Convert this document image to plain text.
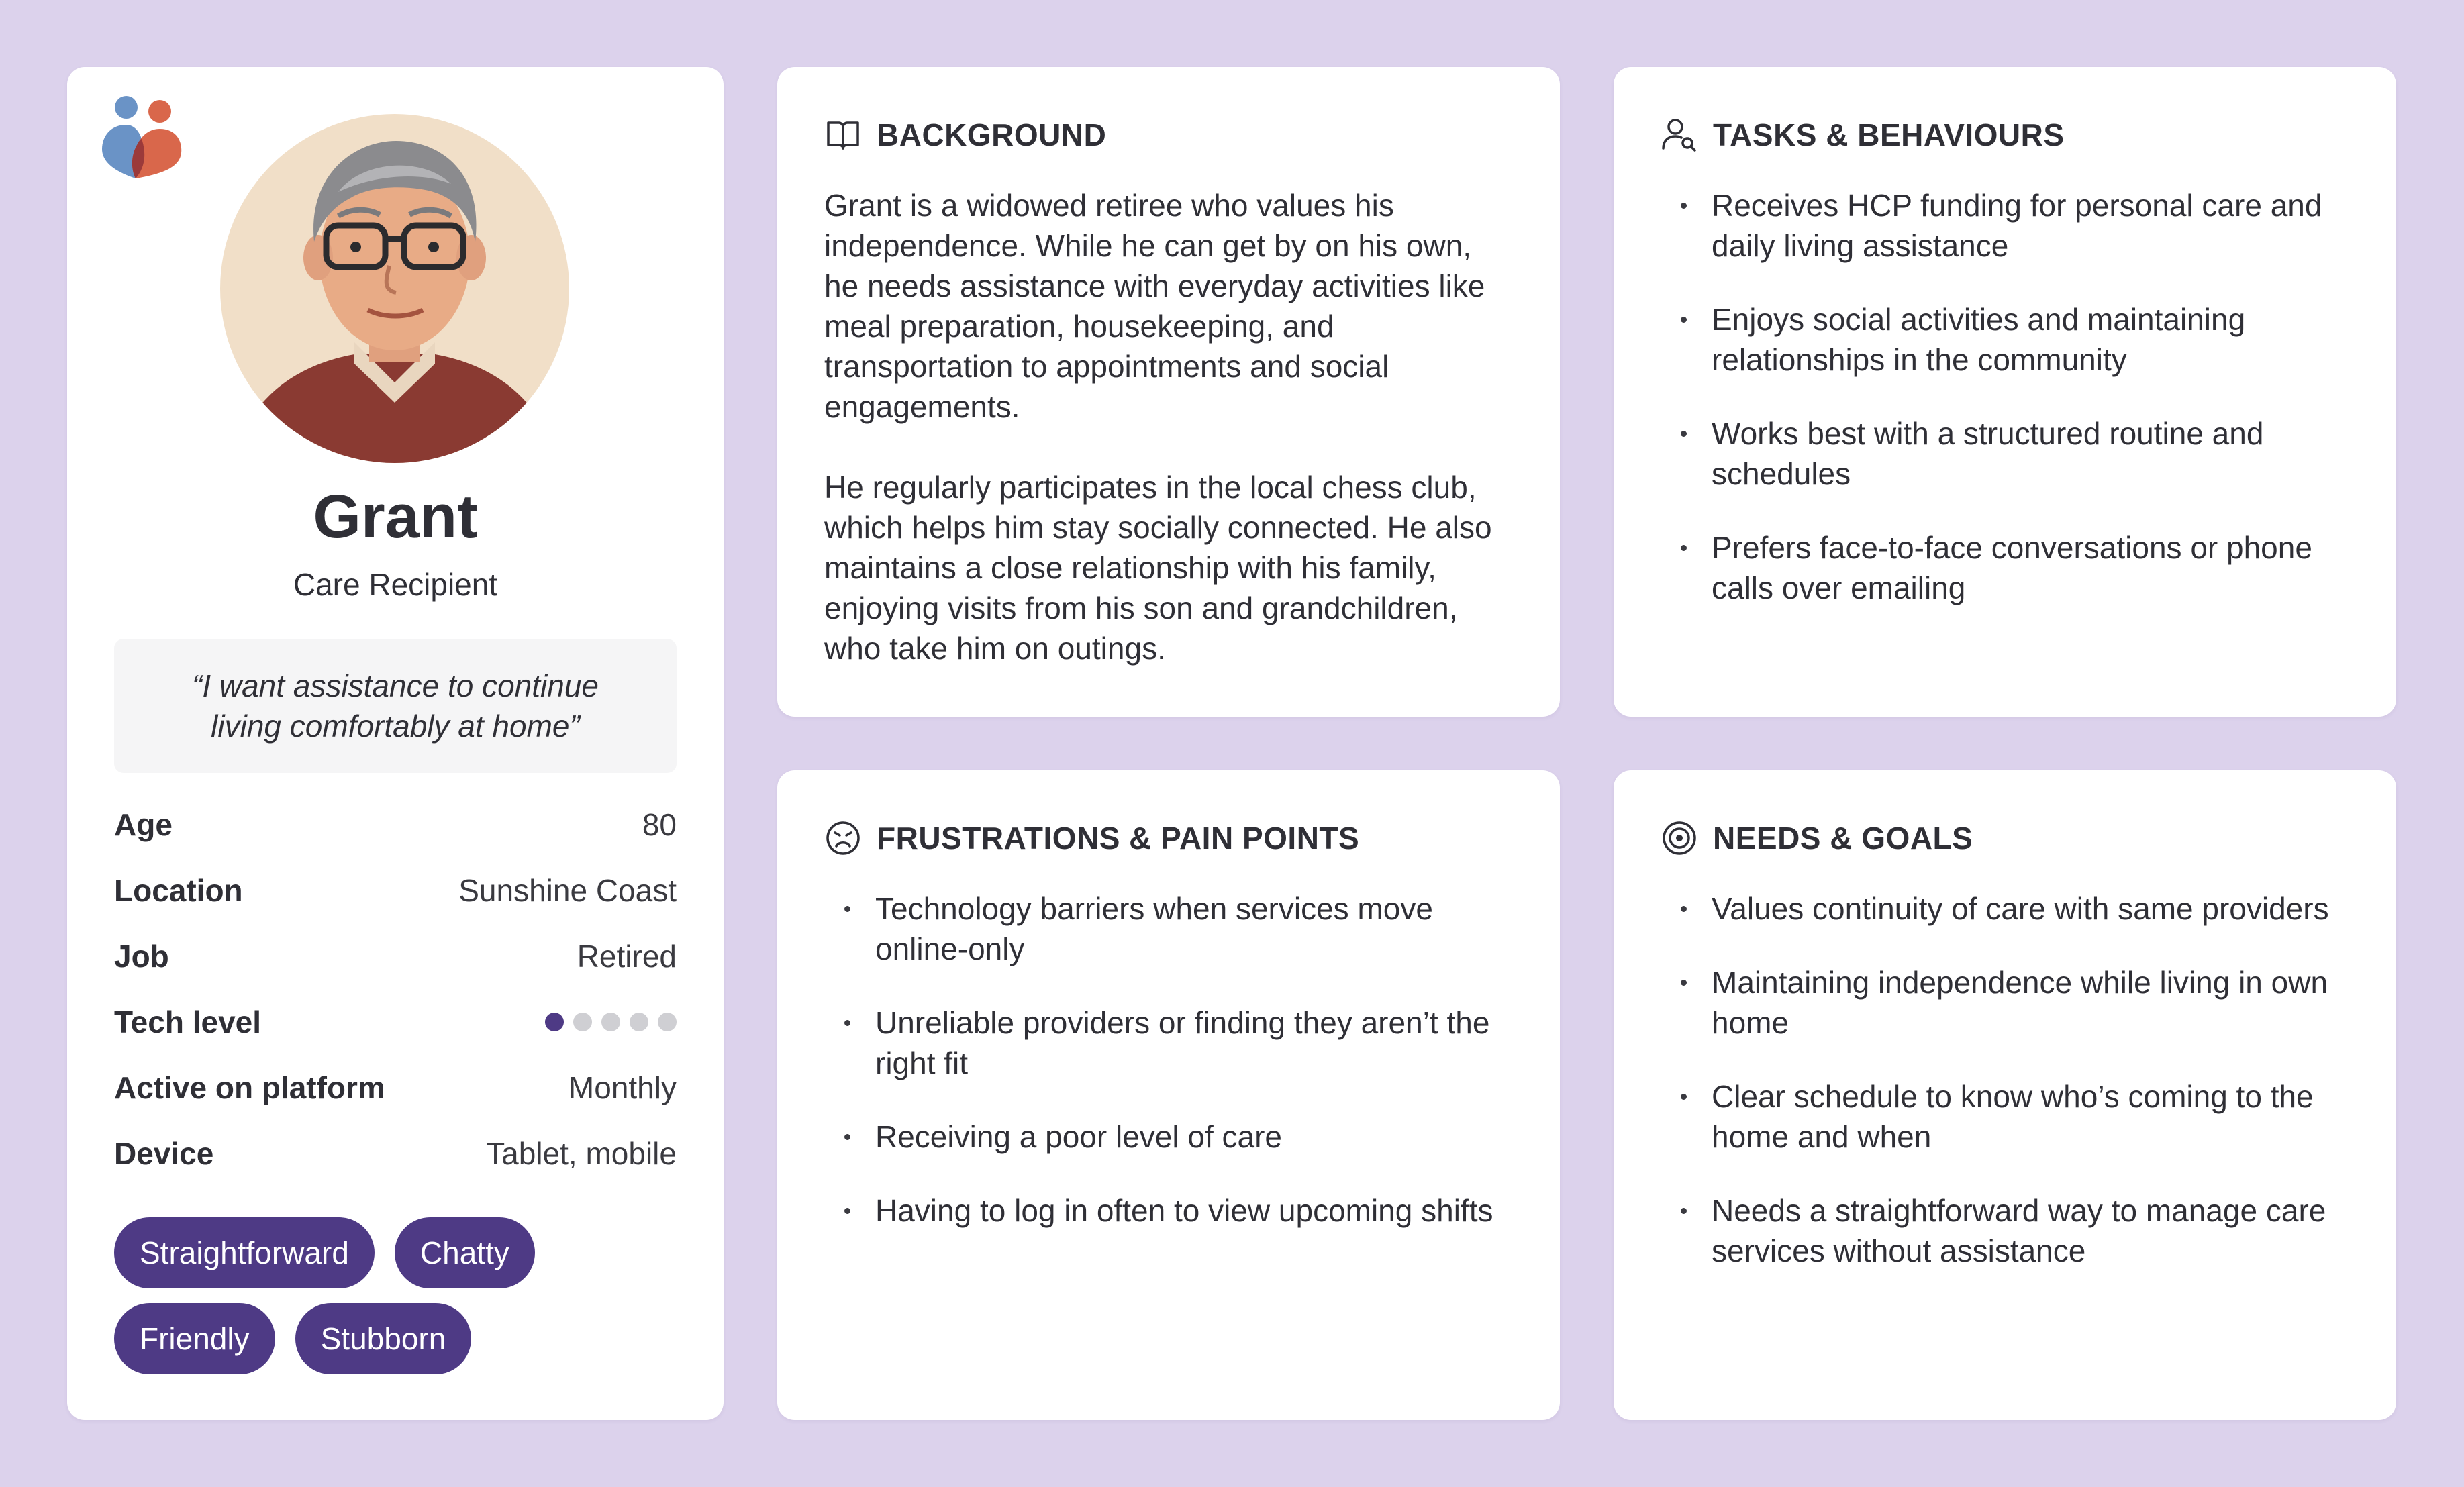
Grant
Care Recipient
“I want assistance to continue living comfortably at home”
Age	80
Location	Sunshine Coast
Job	Retired
Tech level
Active on platform	Monthly
Device	Tablet, mobile
Straightforward	Chatty
Friendly	Stubborn
BACKGROUND

Grant is a widowed retiree who values his independence. While he can get by on his own, he needs assistance with everyday activities like meal preparation, housekeeping, and transportation to appointments and social engagements.

He regularly participates in the local chess club, which helps him stay socially connected. He also maintains a close relationship with his family, enjoying visits from his son and grandchildren, who take him on outings.

TASKS & BEHAVIOURS
Receives HCP funding for personal care and daily living assistance
Enjoys social activities and maintaining relationships in the community
Works best with a structured routine and schedules
Prefers face-to-face conversations or phone calls over emailing
FRUSTRATIONS & PAIN POINTS
Technology barriers when services move online-only
Unreliable providers or finding they aren’t the right fit
Receiving a poor level of care
Having to log in often to view upcoming shifts
NEEDS & GOALS
Values continuity of care with same providers
Maintaining independence while living in own home
Clear schedule to know who’s coming to the home and when
Needs a straightforward way to manage care services without assistance
